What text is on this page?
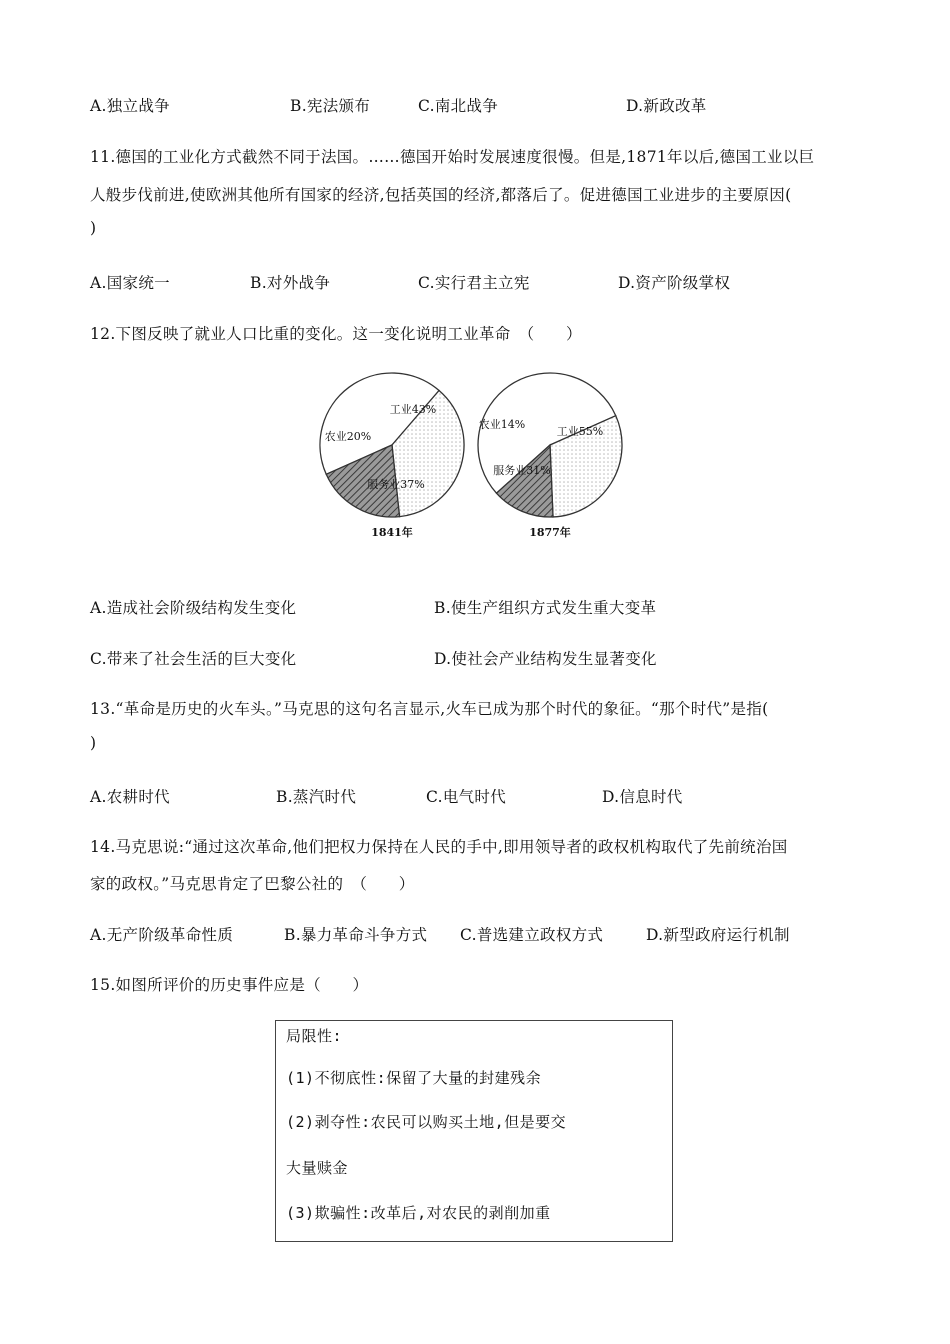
A.独立战争	B.宪法颁布	C.南北战争	D.新政改革
11.德国的工业化方式截然不同于法国。……德国开始时发展速度很慢。但是,1871年以后,德国工业以巨
人般步伐前进,使欧洲其他所有国家的经济,包括英国的经济,都落后了。促进德国工业进步的主要原因(
)
A.国家统一	B.对外战争	C.实行君主立宪	D.资产阶级掌权
12.下图反映了就业人口比重的变化。这一变化说明工业革命　（　　）
工业43%
服务业37%
农业20%
1841年
工业55%
服务业31%
农业14%
1877年
A.造成社会阶级结构发生变化	B.使生产组织方式发生重大变革
C.带来了社会生活的巨大变化	D.使社会产业结构发生显著变化
13.“革命是历史的火车头。”马克思的这句名言显示,火车已成为那个时代的象征。“那个时代”是指(
)
A.农耕时代	B.蒸汽时代	C.电气时代	D.信息时代
14.马克思说:“通过这次革命,他们把权力保持在人民的手中,即用领导者的政权机构取代了先前统治国
家的政权。”马克思肯定了巴黎公社的　（　　）
A.无产阶级革命性质	B.暴力革命斗争方式 C.普选建立政权方式	D.新型政府运行机制
15.如图所评价的历史事件应是（　　）
局限性:
(1)不彻底性:保留了大量的封建残余
(2)剥夺性:农民可以购买土地,但是要交
大量赎金
(3)欺骗性:改革后,对农民的剥削加重
